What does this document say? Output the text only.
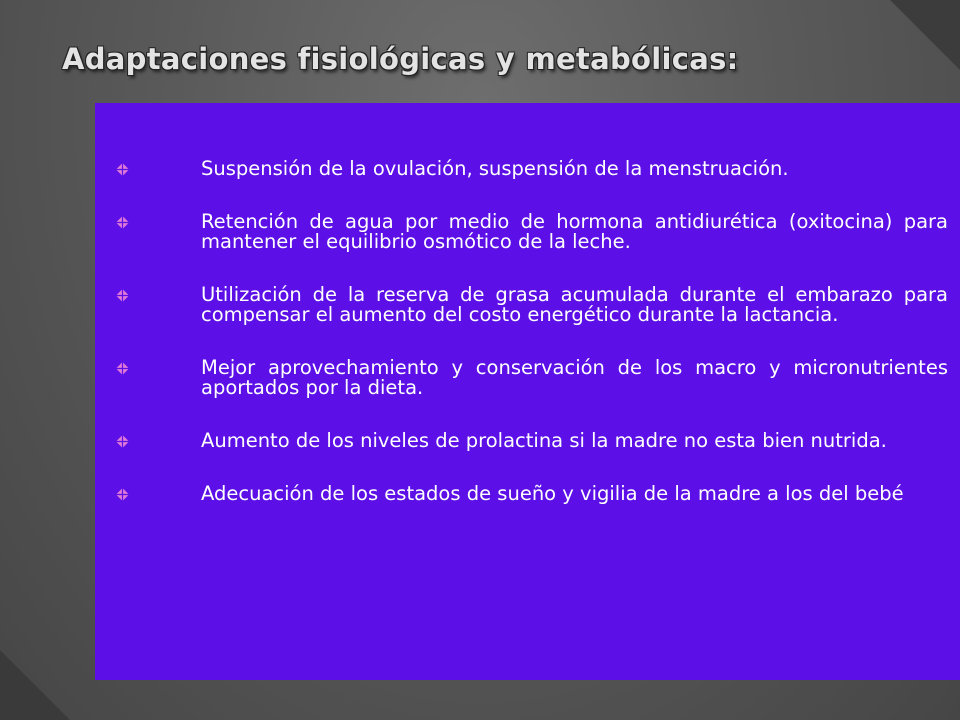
Adaptaciones fisiológicas y metabólicas:
Suspensión de la ovulación, suspensión de la menstruación.
Retención de agua por medio de hormona antidiurética (oxitocina) para mantener el equilibrio osmótico de la leche.
Utilización de la reserva de grasa acumulada durante el embarazo para compensar el aumento del costo energético durante la lactancia.
Mejor aprovechamiento y conservación de los macro y micronutrientes aportados por la dieta.
Aumento de los niveles de prolactina si la madre no esta bien nutrida.
Adecuación de los estados de sueño y vigilia de la madre a los del bebé
